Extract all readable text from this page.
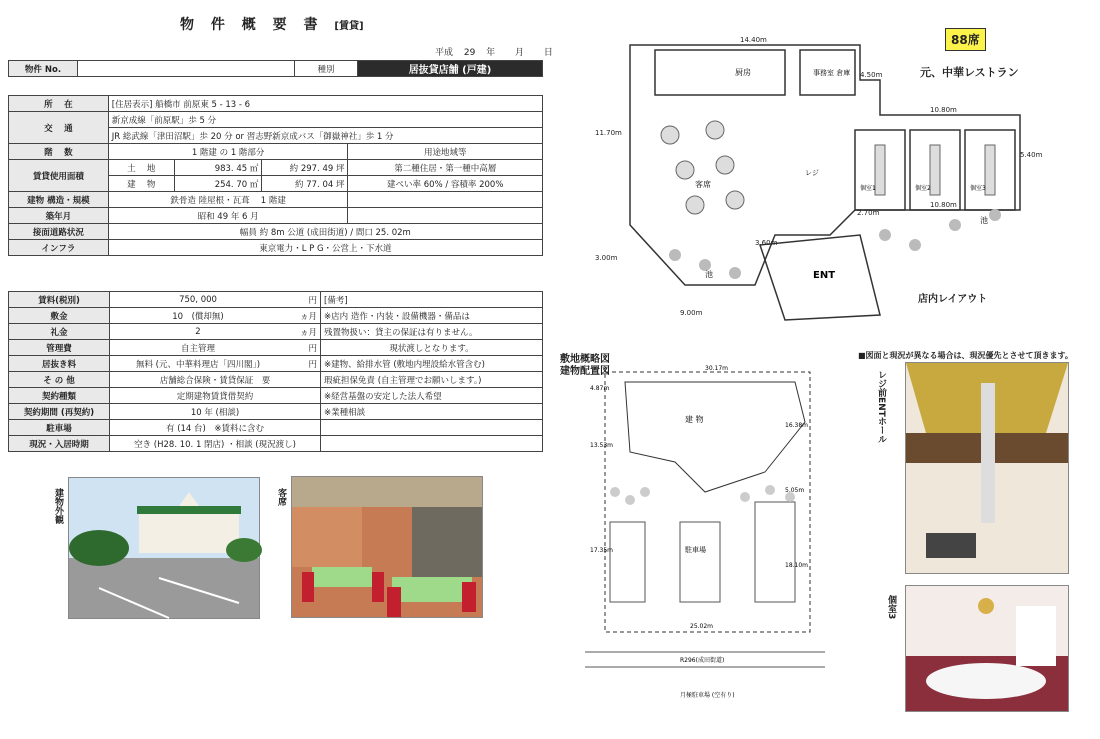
物 件 概 要 書 [賃貸]
平成 29 年　 月　 日
物件 No.		種別	居抜貸店舗 (戸建)
所　 在	[住居表示] 船橋市 前原東 5 - 13 - 6			
交　 通	新京成線「前原駅」歩 5 分			
	JR 総武線「津田沼駅」歩 20 分 or 習志野新京成バス「御嶽神社」歩 1 分			
階　 数	1 階建 の 1 階部分			用途地域等
賃貸使用面積	土　 地	983. 45 ㎡	約 297. 49 坪	第二種住居・第一種中高層
	建　 物	254. 70 ㎡	約 77. 04 坪	建ぺい率 60% / 容積率 200%
建物 構造・規模	鉄骨造 陸屋根・瓦葺　 1 階建			
築年月	昭和 49 年 6 月			
接面道路状況	幅員 約 8m 公道 (成田街道) / 間口 25. 02m			
インフラ	東京電力・L P G・公営上・下水道			
賃料(税別)	750, 000	円	[備考]
敷金	10　(償却無)	ヵ月	※店内 造作・内装・設備機器・備品は
礼金	2	ヵ月	残置物扱い：貸主の保証は有りません。
管理費	自主管理	円	現状渡しとなります。
居抜き料	無料 (元、中華料理店「四川閣」)	円	※建物、給排水管 (敷地内埋設給水管含む)
そ の 他	店舗総合保険・賃貸保証　要		瑕疵担保免責 (自主管理でお願いします。)
契約種類	定期建物賃貸借契約		※経営基盤の安定した法人希望
契約期間 (再契約)	10 年 (相談)		※業種相談
駐車場	有 (14 台)　※賃料に含む		
現況・入居時期	空き (H28. 10. 1 閉店) ・相談 (現況渡し)		
建物外観	客席
88席
元、中華レストラン
店内レイアウト
厨房	事務室 倉庫
客席
レジ
ENT
池
池
個室1	個室2	個室3
14.40m
4.50m
11.70m
10.80m
5.40m
2.70m
10.80m
3.60m
3.00m
9.00m
敷地概略図
建物配置図
■図面と現況が異なる場合は、現況優先とさせて頂きます。
建 物
駐車場
R296(成田街道)
月極駐車場 (空有り)
30.17m
4.87m
16.38m
13.53m
5.05m
17.35m
18.10m
25.02m
レジ前ENTホール
個室3
